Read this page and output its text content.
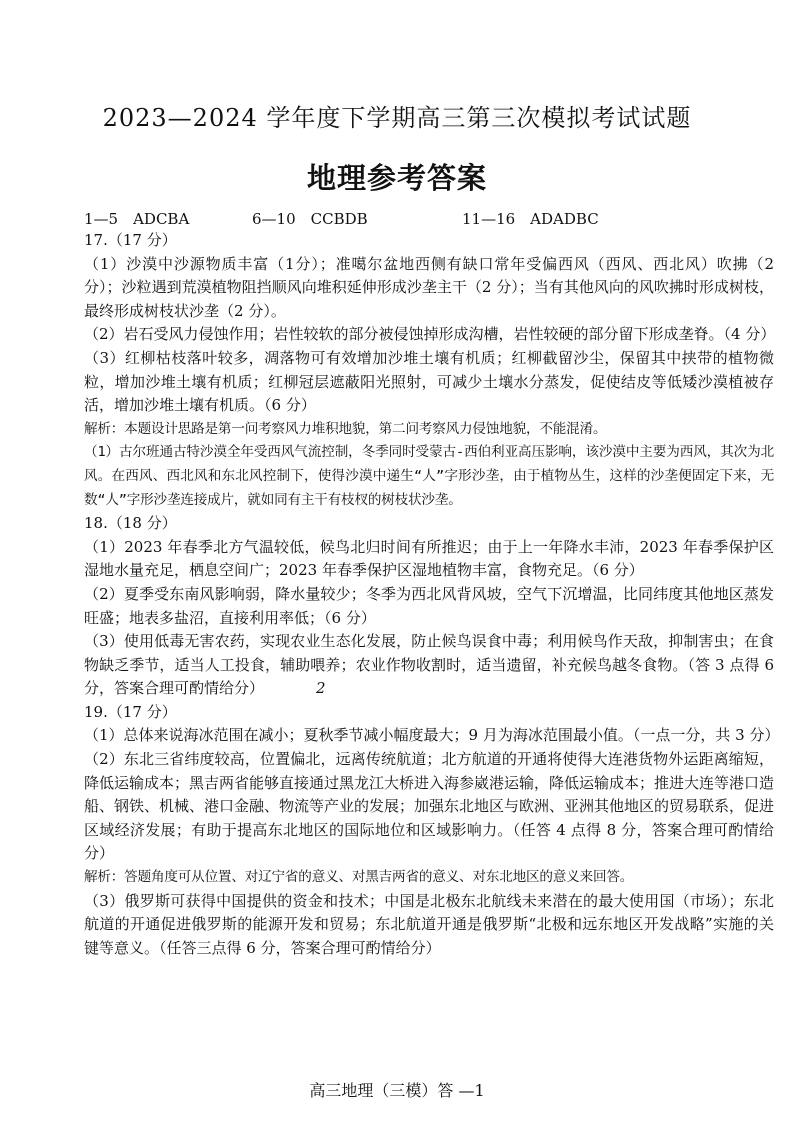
2023—2024 学年度下学期高三第三次模拟考试试题
地理参考答案
1—5　ADCBA	6—10　CCBDB	11—16　ADADBC

17.（17 分）

（1）沙漠中沙源物质丰富（1分）；准噶尔盆地西侧有缺口常年受偏西风（西风、西北风）吹拂（2 分）；沙粒遇到荒漠植物阻挡顺风向堆积延伸形成沙垄主干（2 分）；当有其他风向的风吹拂时形成树枝，最终形成树枝状沙垄（2 分）。

（2）岩石受风力侵蚀作用；岩性较软的部分被侵蚀掉形成沟槽，岩性较硬的部分留下形成垄脊。（4 分）

（3）红柳枯枝落叶较多，凋落物可有效增加沙堆土壤有机质；红柳截留沙尘，保留其中挟带的植物微粒，增加沙堆土壤有机质；红柳冠层遮蔽阳光照射，可减少土壤水分蒸发，促使结皮等低矮沙漠植被存活，增加沙堆土壤有机质。（6 分）

解析：本题设计思路是第一问考察风力堆积地貌，第二问考察风力侵蚀地貌，不能混淆。

（1）古尔班通古特沙漠全年受西风气流控制，冬季同时受蒙古-西伯利亚高压影响，该沙漠中主要为西风，其次为北风。在西风、西北风和东北风控制下，使得沙漠中递生“人”字形沙垄，由于植物丛生，这样的沙垄便固定下来，无数“人”字形沙垄连接成片，就如同有主干有枝杈的树枝状沙垄。

18.（18 分）

（1）2023 年春季北方气温较低，候鸟北归时间有所推迟；由于上一年降水丰沛，2023 年春季保护区湿地水量充足，栖息空间广；2023 年春季保护区湿地植物丰富，食物充足。（6 分）

（2）夏季受东南风影响弱，降水量较少；冬季为西北风背风坡，空气下沉增温，比同纬度其他地区蒸发旺盛；地表多盐沼，直接利用率低；（6 分）

（3）使用低毒无害农药，实现农业生态化发展，防止候鸟误食中毒；利用候鸟作天敌，抑制害虫；在食物缺乏季节，适当人工投食，辅助喂养；农业作物收割时，适当遗留，补充候鸟越冬食物。（答 3 点得 6 分，答案合理可酌情给分）	2

19.（17 分）

（1）总体来说海冰范围在减小；夏秋季节减小幅度最大；9 月为海冰范围最小值。（一点一分，共 3 分）

（2）东北三省纬度较高，位置偏北，远离传统航道；北方航道的开通将使得大连港货物外运距离缩短，降低运输成本；黑吉两省能够直接通过黑龙江大桥进入海参崴港运输，降低运输成本；推进大连等港口造船、钢铁、机械、港口金融、物流等产业的发展；加强东北地区与欧洲、亚洲其他地区的贸易联系，促进区域经济发展；有助于提高东北地区的国际地位和区域影响力。（任答 4 点得 8 分，答案合理可酌情给分）

解析：答题角度可从位置、对辽宁省的意义、对黑吉两省的意义、对东北地区的意义来回答。

（3）俄罗斯可获得中国提供的资金和技术；中国是北极东北航线未来潜在的最大使用国（市场）；东北航道的开通促进俄罗斯的能源开发和贸易；东北航道开通是俄罗斯“北极和远东地区开发战略”实施的关键等意义。（任答三点得 6 分，答案合理可酌情给分）

高三地理（三模）答 —1
